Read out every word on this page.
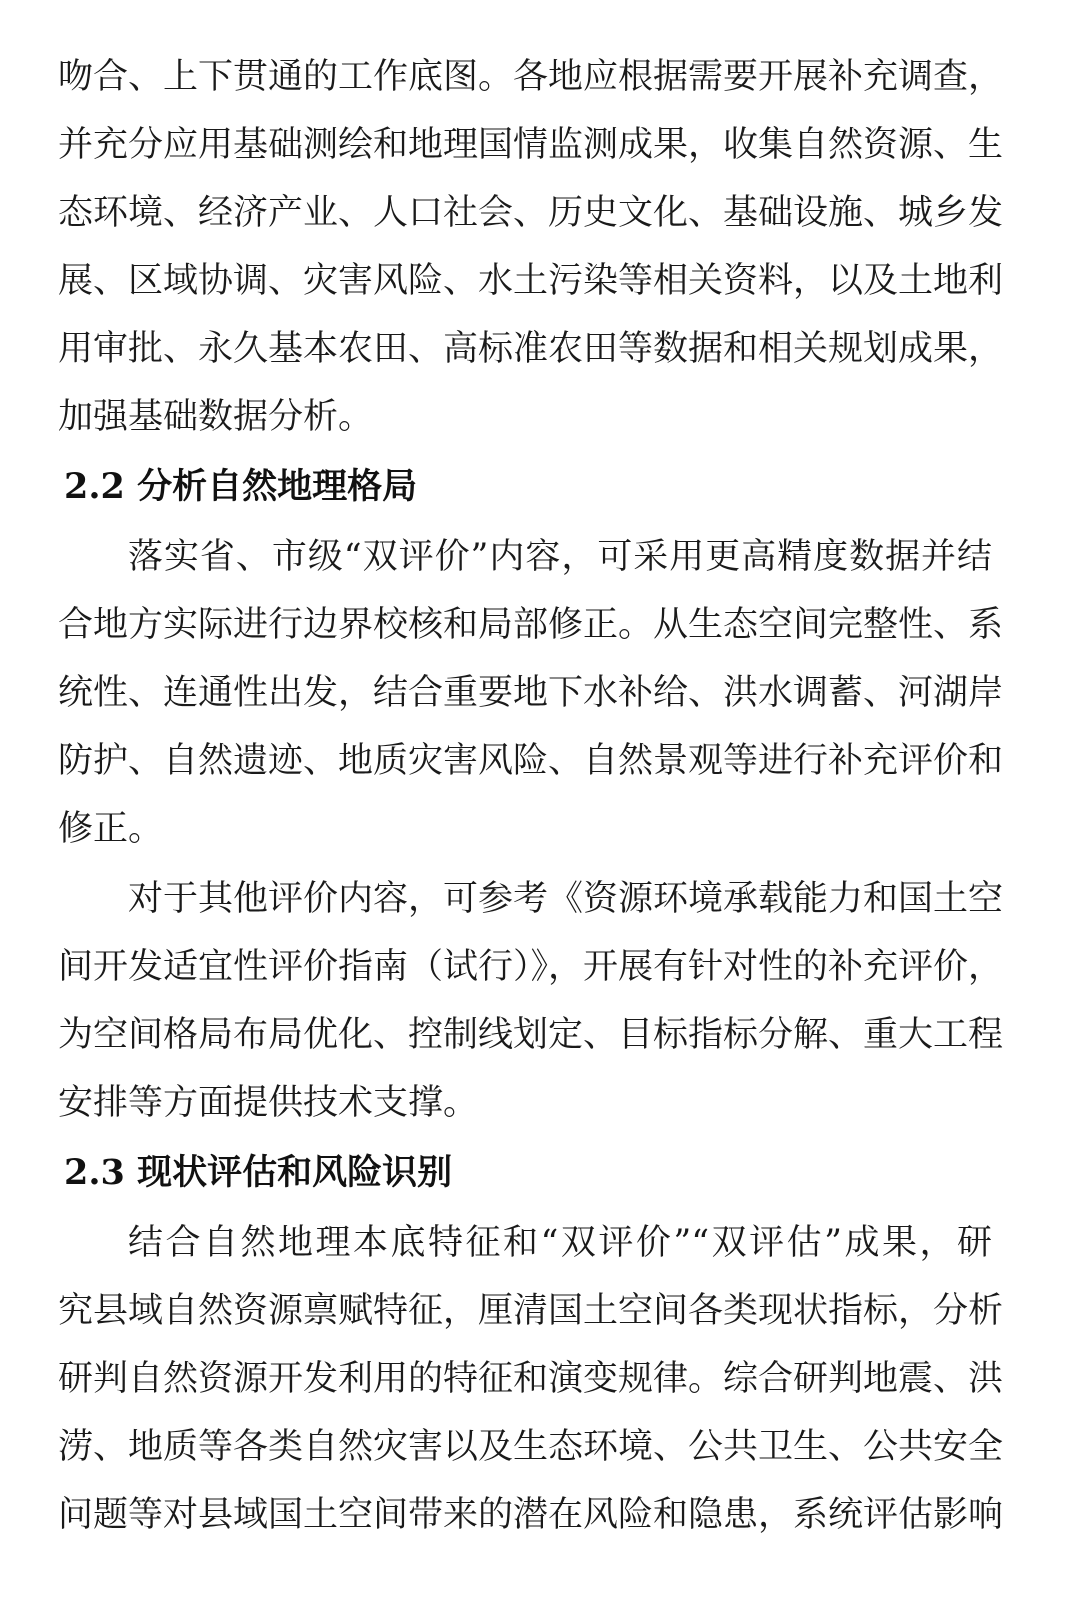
吻合、上下贯通的工作底图。各地应根据需要开展补充调查，
并充分应用基础测绘和地理国情监测成果，收集自然资源、生
态环境、经济产业、人口社会、历史文化、基础设施、城乡发
展、区域协调、灾害风险、水土污染等相关资料，以及土地利
用审批、永久基本农田、高标准农田等数据和相关规划成果，
加强基础数据分析。
2.2 分析自然地理格局
落实省、市级“双评价”内容，可采用更高精度数据并结
合地方实际进行边界校核和局部修正。从生态空间完整性、系
统性、连通性出发，结合重要地下水补给、洪水调蓄、河湖岸
防护、自然遗迹、地质灾害风险、自然景观等进行补充评价和
修正。
对于其他评价内容，可参考《资源环境承载能力和国土空
间开发适宜性评价指南（试行）》，开展有针对性的补充评价，
为空间格局布局优化、控制线划定、目标指标分解、重大工程
安排等方面提供技术支撑。
2.3 现状评估和风险识别
结合自然地理本底特征和“双评价”“双评估”成果，研
究县域自然资源禀赋特征，厘清国土空间各类现状指标，分析
研判自然资源开发利用的特征和演变规律。综合研判地震、洪
涝、地质等各类自然灾害以及生态环境、公共卫生、公共安全
问题等对县域国土空间带来的潜在风险和隐患，系统评估影响
